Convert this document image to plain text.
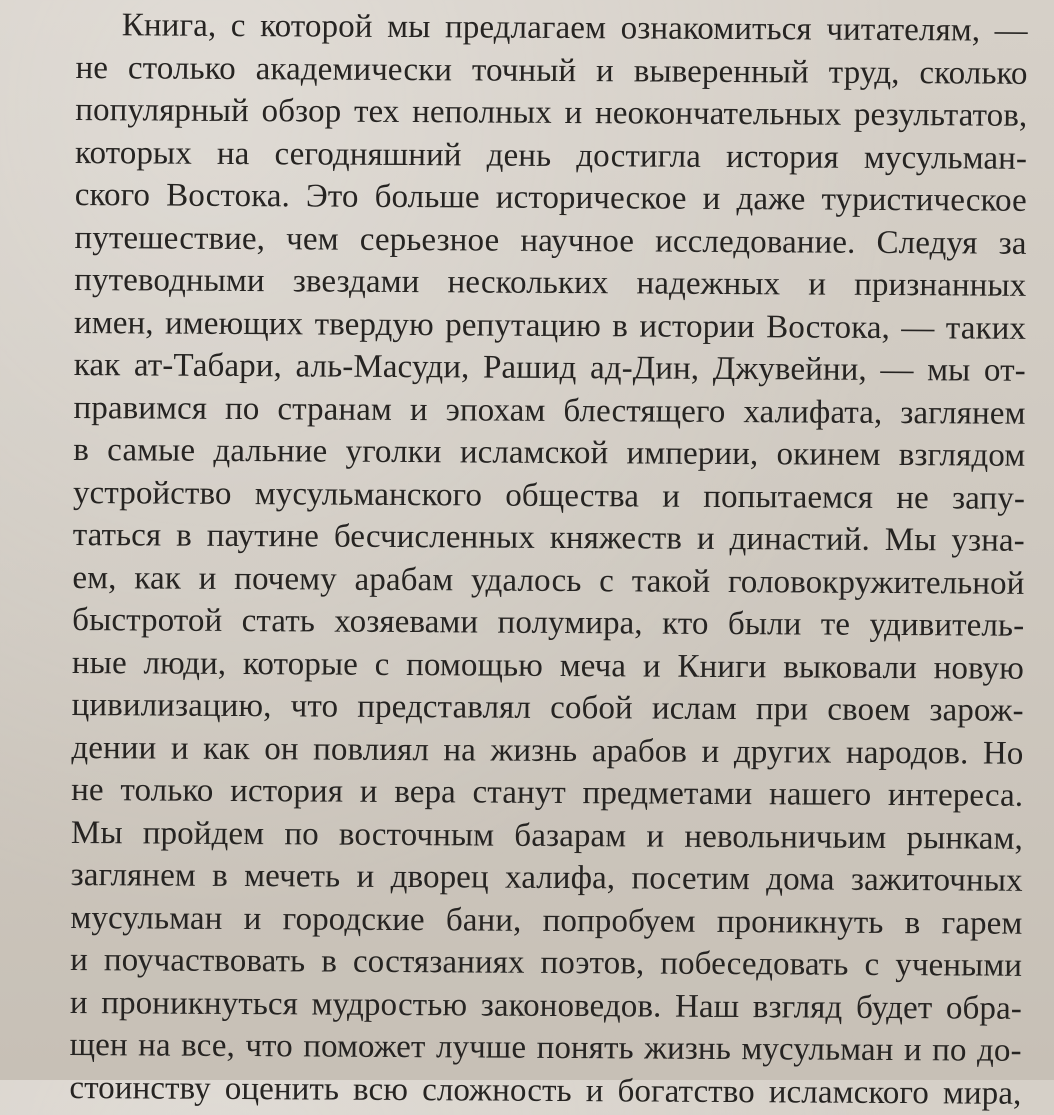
Книга, с которой мы предлагаем ознакомиться читателям, —
не столько академически точный и выверенный труд, сколько
популярный обзор тех неполных и неокончательных результатов,
которых на сегодняшний день достигла история мусульман-
ского Востока. Это больше историческое и даже туристическое
путешествие, чем серьезное научное исследование. Следуя за
путеводными звездами нескольких надежных и признанных
имен, имеющих твердую репутацию в истории Востока, — таких
как ат-Табари, аль-Масуди, Рашид ад-Дин, Джувейни, — мы от-
правимся по странам и эпохам блестящего халифата, заглянем
в самые дальние уголки исламской империи, окинем взглядом
устройство мусульманского общества и попытаемся не запу-
таться в паутине бесчисленных княжеств и династий. Мы узна-
ем, как и почему арабам удалось с такой головокружительной
быстротой стать хозяевами полумира, кто были те удивитель-
ные люди, которые с помощью меча и Книги выковали новую
цивилизацию, что представлял собой ислам при своем зарож-
дении и как он повлиял на жизнь арабов и других народов. Но
не только история и вера станут предметами нашего интереса.
Мы пройдем по восточным базарам и невольничьим рынкам,
заглянем в мечеть и дворец халифа, посетим дома зажиточных
мусульман и городские бани, попробуем проникнуть в гарем
и поучаствовать в состязаниях поэтов, побеседовать с учеными
и проникнуться мудростью законоведов. Наш взгляд будет обра-
щен на все, что поможет лучше понять жизнь мусульман и по до-
стоинству оценить всю сложность и богатство исламского мира,
